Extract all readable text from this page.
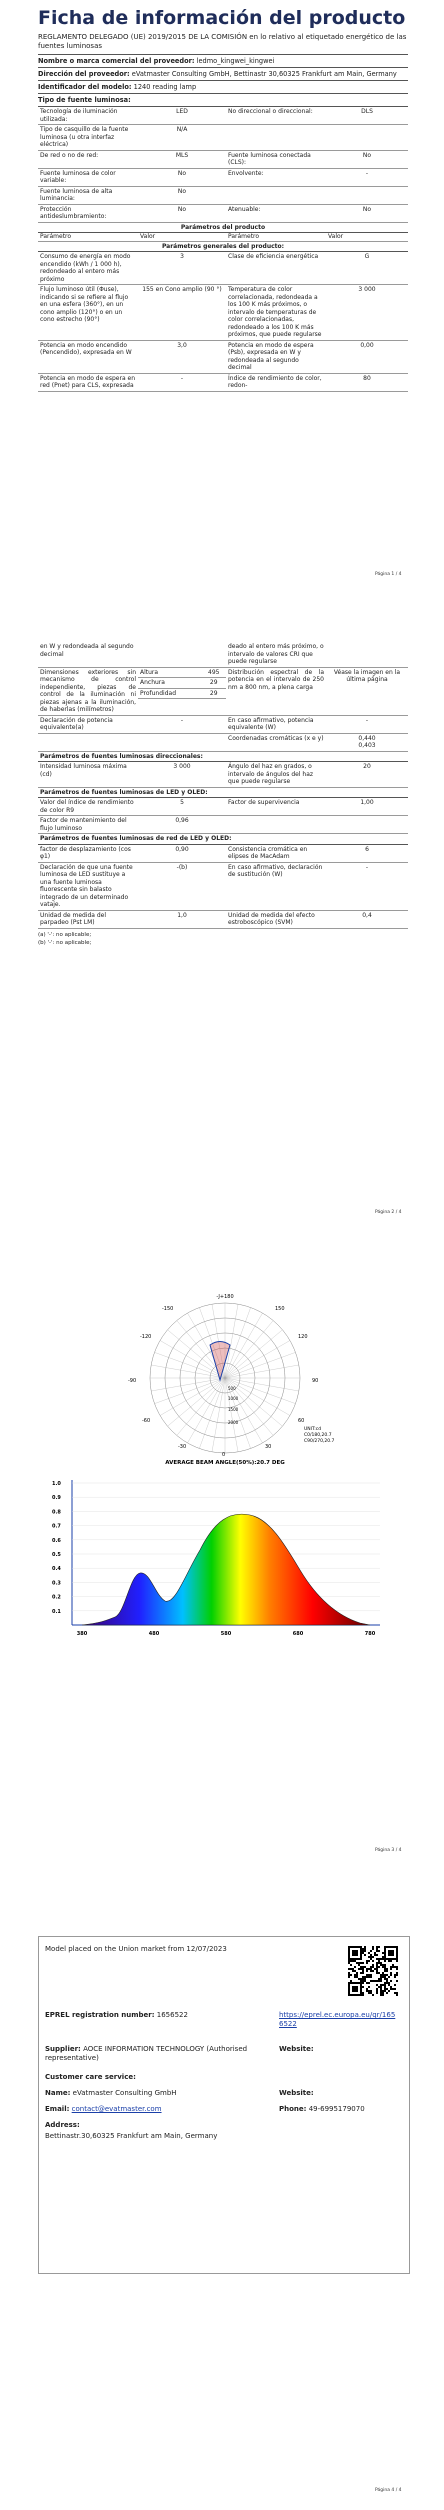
Ficha de información del producto
REGLAMENTO DELEGADO (UE) 2019/2015 DE LA COMISIÓN en lo relativo al etiquetado energético de las fuentes luminosas
Nombre o marca comercial del proveedor: ledmo_kingwei_kingwei
Dirección del proveedor: eVatmaster Consulting GmbH, Bettinastr 30,60325 Frankfurt am Main, Germany
Identificador del modelo: 1240 reading lamp
Tipo de fuente luminosa:
Tecnología de iluminación utilizada:	LED	No direccional o direccional:	DLS
Tipo de casquillo de la fuente luminosa (u otra interfaz eléctrica)	N/A		
De red o no de red:	MLS	Fuente luminosa conectada (CLS):	No
Fuente luminosa de color variable:	No	Envolvente:	-
Fuente luminosa de alta luminancia:	No		
Protección antideslumbramiento:	No	Atenuable:	No
Parámetros del producto			
Parámetro	Valor	Parámetro	Valor
Parámetros generales del producto:			
Consumo de energía en modo encendido (kWh / 1 000 h), redondeado al entero más próximo	3	Clase de eficiencia energética	G
Flujo luminoso útil (Φuse), indicando si se refiere al flujo en una esfera (360°), en un cono amplio (120°) o en un cono estrecho (90°)	155 en Cono amplio (90 °)	Temperatura de color correlacionada, redondeada a los 100 K más próximos, o intervalo de temperaturas de color correlacionadas, redondeado a los 100 K más próximos, que puede regularse	3 000
Potencia en modo encendido (Pencendido), expresada en W	3,0	Potencia en modo de espera (Psb), expresada en W y redondeada al segundo decimal	0,00
Potencia en modo de espera en red (Pnet) para CLS, expresada	-	Índice de rendimiento de color, redon-	80
Página 1 / 4
en W y redondeada al segundo decimal		deado al entero más próximo, o intervalo de valores CRI que puede regularse	

Dimensiones exteriores sin mecanismo de control independiente, piezas de control de la iluminación ni piezas ajenas a la iluminación, de haberlas (milímetros)

Altura	495
Anchura	29
Profundidad	29
	Distribución espectral de la potencia en el intervalo de 250 nm a 800 nm, a plena carga	Véase la imagen en la última página
Declaración de potencia equivalente(a)	-	En caso afirmativo, potencia equivalente (W)	-
		Coordenadas cromáticas (x e y)	0,440
0,403

Parámetros de fuentes luminosas direccionales:
Intensidad luminosa máxima (cd)	3 000	Ángulo del haz en grados, o intervalo de ángulos del haz que puede regularse	20
Parámetros de fuentes luminosas de LED y OLED:
Valor del índice de rendimiento de color R9	5	Factor de supervivencia	1,00
Factor de mantenimiento del flujo luminoso	0,96		
Parámetros de fuentes luminosas de red de LED y OLED:
factor de desplazamiento (cos φ1)	0,90	Consistencia cromática en elipses de MacAdam	6
Declaración de que una fuente luminosa de LED sustituye a una fuente luminosa fluorescente sin balasto integrado de un determinado vataje.	-(b)	En caso afirmativo, declaración de sustitución (W)	-
Unidad de medida del parpadeo (Pst LM)	1,0	Unidad de medida del efecto estroboscópico (SVM)	0,4
(a) '-': no aplicable;
(b) '-': no aplicable;
Página 2 / 4
-J+180
-150	150
-120	120
-90	90
-60	60
-30	30
0
UNIT:cd
C0/180,20.7
C90/270,20.7
2000
1500
1000
500
AVERAGE BEAM ANGLE(50%):20.7 DEG
1.0
0.9
0.8
0.7
0.6
0.5
0.4
0.3
0.2
0.1
380	480	580	680	780
Página 3 / 4
Model placed on the Union market from 12/07/2023
EPREL registration number: 1656522	https://eprel.ec.europa.eu/qr/1656522
Supplier: AOCE INFORMATION TECHNOLOGY (Authorised representative)
Website:
Customer care service:
Name: eVatmaster Consulting GmbH	Website:
Email: contact@evatmaster.com	Phone: 49-6995179070
Address:
Bettinastr.30,60325 Frankfurt am Main, Germany
Página 4 / 4
